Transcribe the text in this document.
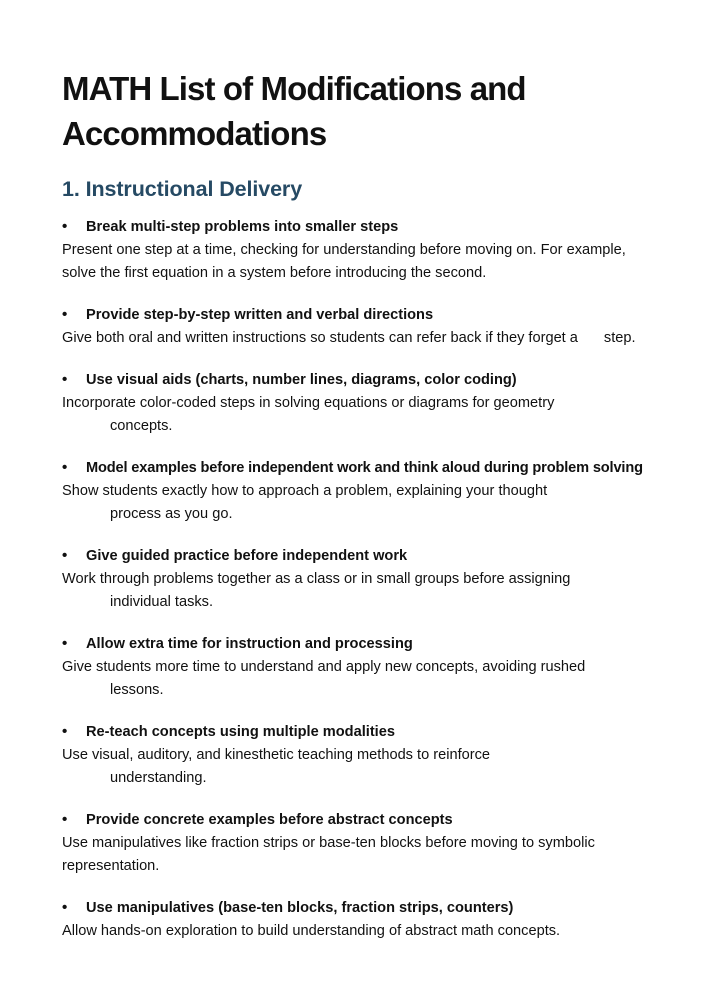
MATH List of Modifications and Accommodations
1. Instructional Delivery
•	Break multi-step problems into smaller steps
Present one step at a time, checking for understanding before moving on. For example,
solve the first equation in a system before introducing the second.
•	Provide step-by-step written and verbal directions
Give both oral and written instructions so students can refer back if they forget a step.
•	Use visual aids (charts, number lines, diagrams, color coding)
Incorporate color-coded steps in solving equations or diagrams for geometry
concepts.
•	Model examples before independent work and think aloud during problem solving
Show students exactly how to approach a problem, explaining your thought
process as you go.
•	Give guided practice before independent work
Work through problems together as a class or in small groups before assigning
individual tasks.
•	Allow extra time for instruction and processing
Give students more time to understand and apply new concepts, avoiding rushed
lessons.
•	Re-teach concepts using multiple modalities
Use visual, auditory, and kinesthetic teaching methods to reinforce
understanding.
•	Provide concrete examples before abstract concepts
Use manipulatives like fraction strips or base-ten blocks before moving to symbolic
representation.
•	Use manipulatives (base-ten blocks, fraction strips, counters)
Allow hands-on exploration to build understanding of abstract math concepts.
